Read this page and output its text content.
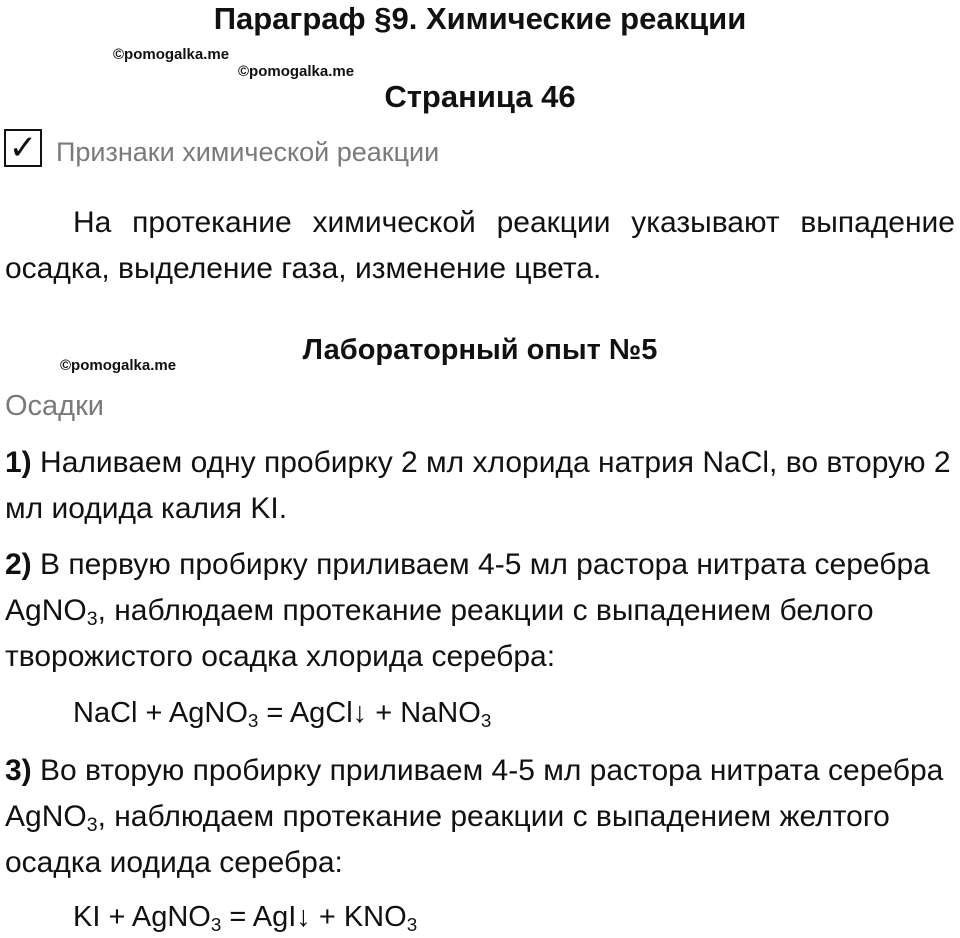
Параграф §9. Химические реакции
©pomogalka.me
©pomogalka.me
Страница 46
✓ Признаки химической реакции
На протекание химической реакции указывают выпадение осадка, выделение газа, изменение цвета.
©pomogalka.me	Лабораторный опыт №5
Осадки
1) Наливаем одну пробирку 2 мл хлорида натрия NaCl, во вторую 2 мл иодида калия KI.
2) В первую пробирку приливаем 4-5 мл растора нитрата серебра AgNO$_3$, наблюдаем протекание реакции с выпадением белого творожистого осадка хлорида серебра:
NaCl + AgNO$_3$ = AgCl↓ + NaNO$_3$
3) Во вторую пробирку приливаем 4-5 мл растора нитрата серебра AgNO$_3$, наблюдаем протекание реакции с выпадением желтого осадка иодида серебра:
KI + AgNO$_3$ = AgI↓ + $KNO_3$
